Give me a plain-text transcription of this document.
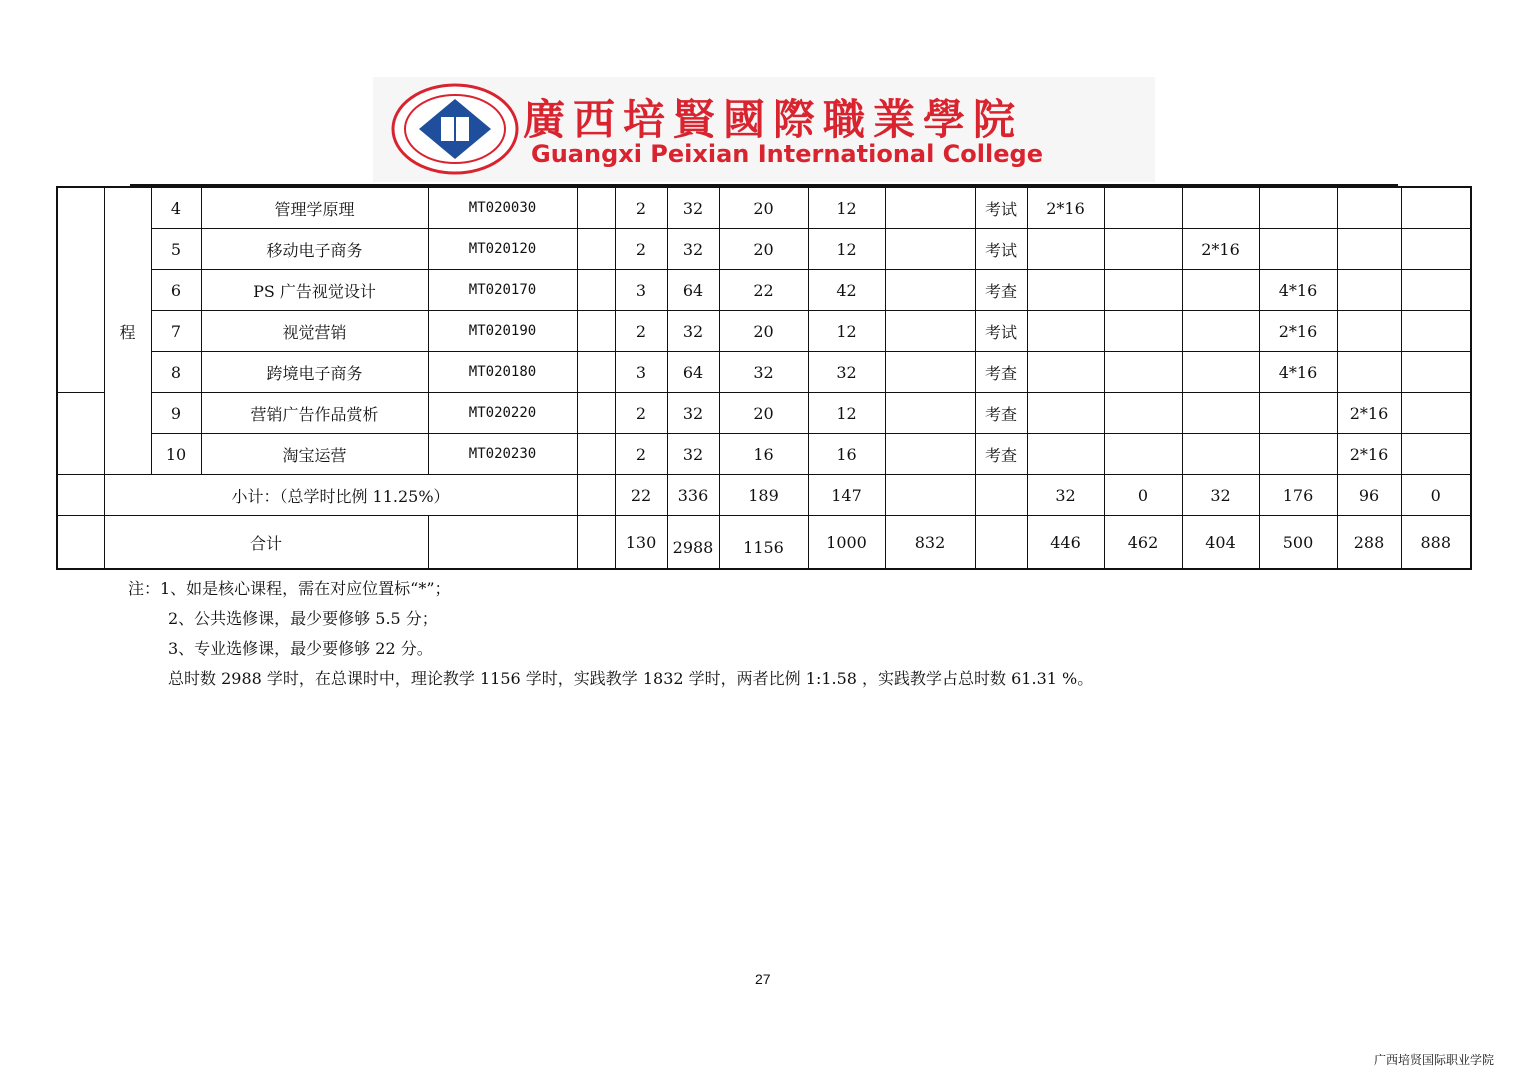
廣西培賢國際職業學院
Guangxi Peixian International College
	程	4	管理学原理	MT020030		2	32	20	12		考试	2*16					
		5	移动电子商务	MT020120		2	32	20	12		考试			2*16			
		6	PS 广告视觉设计	MT020170		3	64	22	42		考查				4*16		
		7	视觉营销	MT020190		2	32	20	12		考试				2*16		
		8	跨境电子商务	MT020180		3	64	32	32		考查				4*16		
		9	营销广告作品赏析	MT020220		2	32	20	12		考查					2*16	
		10	淘宝运营	MT020230		2	32	16	16		考查					2*16	
	小计：（总学时比例 11.25%）					22	336	189	147			32	0	32	176	96	0
	合计					130	2988	1156	1000	832		446	462	404	500	288	888
注：1、如是核心课程，需在对应位置标“*”；
2、公共选修课，最少要修够 5.5 分；
3、专业选修课，最少要修够 22 分。
总时数 2988 学时，在总课时中，理论教学 1156 学时，实践教学 1832 学时，两者比例 1:1.58 ，实践教学占总时数 61.31 %。
27
广西培贤国际职业学院
